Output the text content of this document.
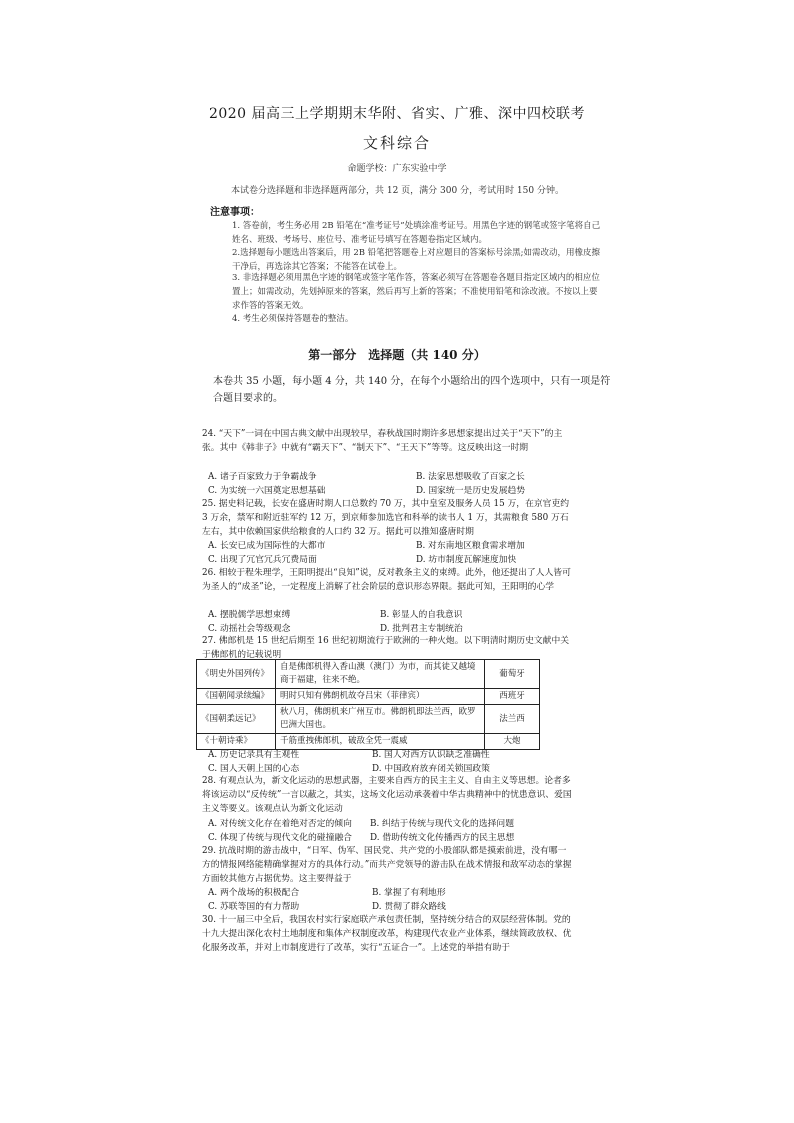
2020 届高三上学期期末华附、省实、广雅、深中四校联考
文科综合
命题学校：广东实验中学
本试卷分选择题和非选择题两部分，共 12 页，满分 300 分，考试用时 150 分钟。
注意事项：
1. 答卷前，考生务必用 2B 铅笔在“准考证号”处填涂准考证号。用黑色字迹的钢笔或签字笔将自己姓名、班级、考场号、座位号、准考证号填写在答题卷指定区域内。
2.选择题每小题选出答案后，用 2B 铅笔把答题卷上对应题目的答案标号涂黑;如需改动，用橡皮擦干净后，再选涂其它答案；不能答在试卷上。
3. 非选择题必须用黑色字迹的钢笔或签字笔作答，答案必须写在答题卷各题目指定区域内的相应位置上；如需改动，先划掉原来的答案，然后再写上新的答案；不准使用铅笔和涂改液。不按以上要求作答的答案无效。
4. 考生必须保持答题卷的整洁。
第一部分　选择题（共 140 分）
本卷共 35 小题，每小题 4 分，共 140 分，在每个小题给出的四个选项中，只有一项是符合题目要求的。
24. “天下”一词在中国古典文献中出现较早，春秋战国时期许多思想家提出过关于“天下”的主张。其中《韩非子》中就有“霸天下”、“制天下”、“王天下”等等。这反映出这一时期
A. 诸子百家致力于争霸战争	B. 法家思想吸收了百家之长
C. 为实统一六国奠定思想基础	D. 国家统一是历史发展趋势
25. 据史料记载，长安在盛唐时期人口总数约 70 万，其中皇室及服务人员 15 万，在京官吏约 3 万余，禁军和附近驻军约 12 万，到京师参加选官和科举的读书人 1 万，其需粮食 580 万石左右，其中依赖国家供给粮食的人口约 32 万。据此可以推知盛唐时期
A. 长安已成为国际性的大都市	B. 对东南地区粮食需求增加
C. 出现了冗官冗兵冗费局面	D. 坊市制度瓦解速度加快
26. 相较于程朱理学，王阳明提出“良知”说，反对教条主义的束缚。此外，他还提出了人人皆可为圣人的“成圣”论，一定程度上消解了社会阶层的意识形态界限。据此可知，王阳明的心学
A. 摆脱儒学思想束缚	B. 彰显人的自我意识
C. 动摇社会等级观念	D. 批判君主专制统治
27. 佛郎机是 15 世纪后期至 16 世纪初期流行于欧洲的一种火炮。以下明清时期历史文献中关于佛郎机的记载说明
《明史外国列传》	自是佛郎机得入香山澳（澳门）为市，而其徒又越境商于福建，往来不绝。	葡萄牙
《国朝闻录续编》	明时只知有佛朗机故夺吕宋（菲律宾）	西班牙
《国朝柔远记》	秋八月，佛朗机来广州互市。佛朗机即法兰西，欧罗巴洲大国也。	法兰西
《十朝诗乘》	千筋重拽佛郎机，破敌全凭一震威	大炮
A. 历史记录具有主观性	B. 国人对西方认识缺乏准确性
C. 国人天朝上国的心态	D. 中国政府放弃闭关锁国政策
28. 有观点认为，新文化运动的思想武器，主要来自西方的民主主义、自由主义等思想。论者多将该运动以“反传统”一言以蔽之，其实，这场文化运动承袭着中华古典精神中的忧患意识、爱国主义等要义。该观点认为新文化运动
A. 对传统文化存在着绝对否定的倾向 B. 纠结于传统与现代文化的选择问题
C. 体现了传统与现代文化的碰撞融合 D. 借助传统文化传播西方的民主思想
29. 抗战时期的游击战中，“日军、伪军、国民党、共产党的小股部队都是摸索前进，没有哪一方的情报网络能精确掌握对方的具体行动。”而共产党领导的游击队在战术情报和敌军动态的掌握方面较其他方占据优势。这主要得益于
A. 两个战场的积极配合	B. 掌握了有利地形
C. 苏联等国的有力帮助	D. 贯彻了群众路线
30. 十一届三中全后，我国农村实行家庭联产承包责任制，坚持统分结合的双层经营体制。党的十九大提出深化农村土地制度和集体产权制度改革，构建现代农业产业体系，继续简政放权、优化服务改革，并对上市制度进行了改革，实行“五证合一”。上述党的举措有助于
